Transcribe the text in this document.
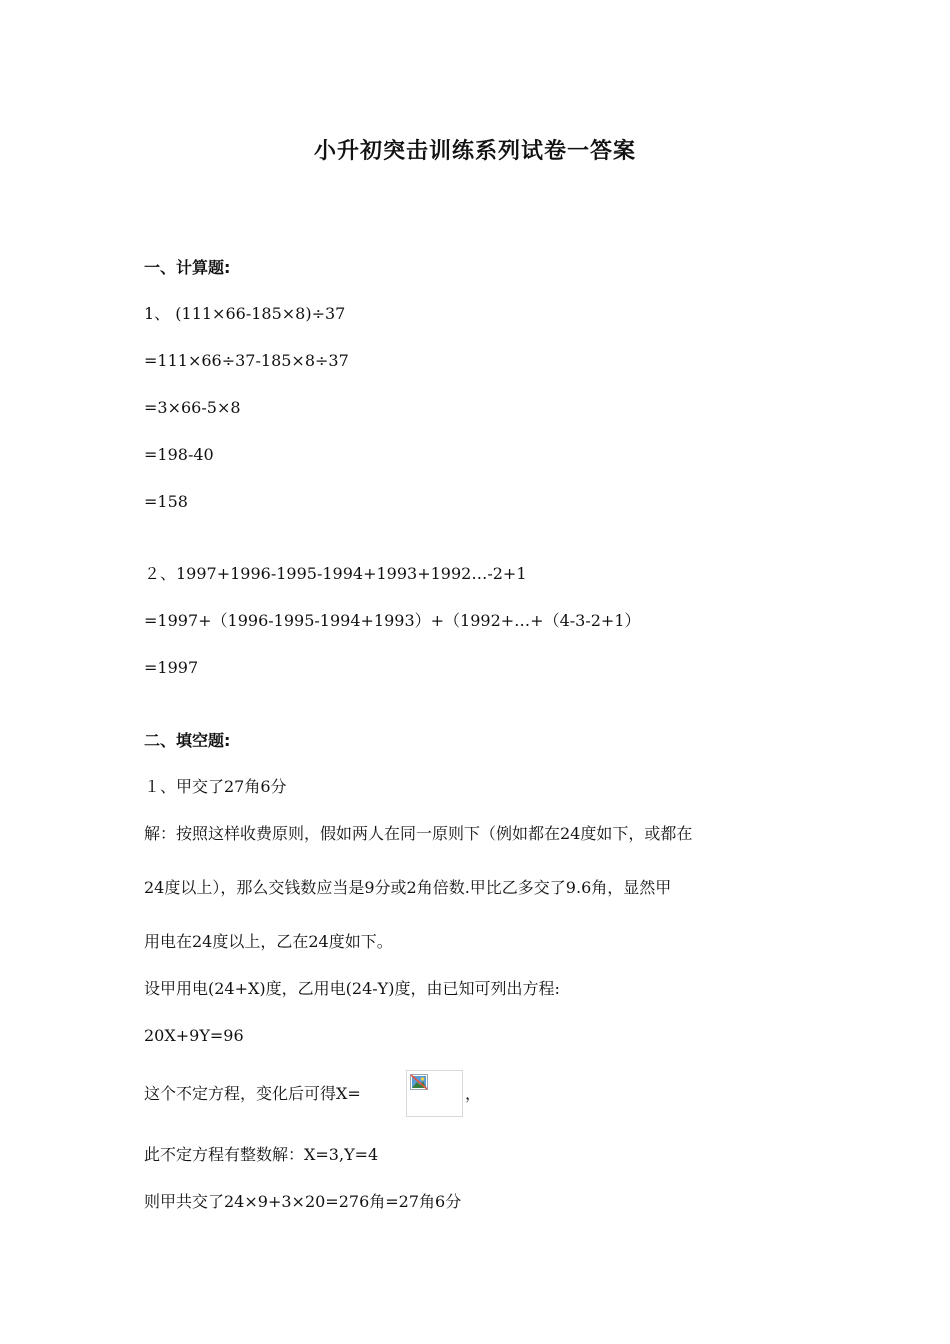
小升初突击训练系列试卷一答案
一、计算题:
1、 (111×66-185×8)÷37
=111×66÷37-185×8÷37
=3×66-5×8
=198-40
=158
２、1997+1996-1995-1994+1993+1992…-2+1
=1997+（1996-1995-1994+1993）+（1992+…+（4-3-2+1）
=1997
二、填空题:
１、甲交了27角6分
解：按照这样收费原则，假如两人在同一原则下（例如都在24度如下，或都在
24度以上），那么交钱数应当是9分或2角倍数.甲比乙多交了9.6角，显然甲
用电在24度以上，乙在24度如下。
设甲用电(24+X)度，乙用电(24-Y)度，由已知可列出方程:
20X+9Y=96
这个不定方程，变化后可得X=	，
此不定方程有整数解：X=3,Y=4
则甲共交了24×9+3×20=276角=27角6分
